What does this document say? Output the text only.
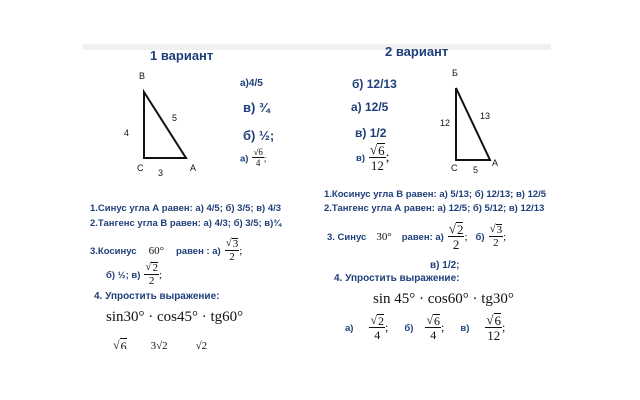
1 вариант	2 вариант
В
С	А
4
5
3
а)4/5
в) ¾
б) ½;
$а) \frac{√6}{4}$ ;
б) 12/13
а) 12/5
в) 1/2
$в) \frac{√ 6}{12}$ ;
Б
С	А
12
13
5
1.Косинус угла В равен: а) 5/13; б) 12/13; в) 12/5
2.Тангенс угла А равен: а) 12/5; б) 5/12; в) 12/13
1.Синус угла А равен: а) 4/5; б) 3/5; в) 4/3
2.Тангенс угла В равен: а) 4/3; б) 3/5; в)¾
3.Косинус 60° равен : $а) \frac{√ 3}{2}$ ;
б) ½; $в) \frac{√ 2}{2}$ ;
3. Синус 30° равен: $а) \frac{√ 2}{2}$ ; $б) \frac{√ 3}{2}$ ;
в) 1/2;
4. Упростить выражение:
sin 45° · cos60° · tg30°
$а) \frac{√ 2}{4}$ ; $б) \frac{√ 6}{4}$ ; $в) \frac{√ 6}{12}$ ;
4. Упростить выражение:
sin30° · cos45° · tg60°
√ 6 3√2	√2
